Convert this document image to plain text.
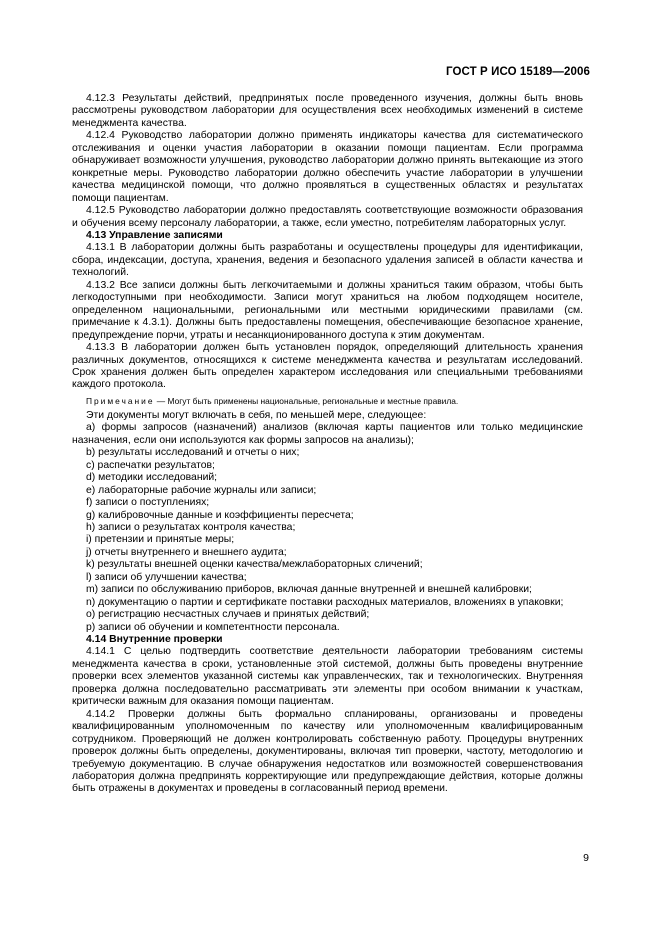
ГОСТ Р ИСО 15189—2006

4.12.3 Результаты действий, предпринятых после проведенного изучения, должны быть вновь рассмотрены руководством лаборатории для осуществления всех необходимых изменений в системе менеджмента качества.

4.12.4 Руководство лаборатории должно применять индикаторы качества для систематического отслеживания и оценки участия лаборатории в оказании помощи пациентам. Если программа обнаруживает возможности улучшения, руководство лаборатории должно принять вытекающие из этого конкретные меры. Руководство лаборатории должно обеспечить участие лаборатории в улучшении качества медицинской помощи, что должно проявляться в существенных областях и результатах помощи пациентам.

4.12.5 Руководство лаборатории должно предоставлять соответствующие возможности образования и обучения всему персоналу лаборатории, а также, если уместно, потребителям лабораторных услуг.

4.13 Управление записями

4.13.1 В лаборатории должны быть разработаны и осуществлены процедуры для идентификации, сбора, индексации, доступа, хранения, ведения и безопасного удаления записей в области качества и технологий.

4.13.2 Все записи должны быть легкочитаемыми и должны храниться таким образом, чтобы быть легкодоступными при необходимости. Записи могут храниться на любом подходящем носителе, определенном национальными, региональными или местными юридическими правилами (см. примечание к 4.3.1). Должны быть предоставлены помещения, обеспечивающие безопасное хранение, предупреждение порчи, утраты и несанкционированного доступа к этим документам.

4.13.3 В лаборатории должен быть установлен порядок, определяющий длительность хранения различных документов, относящихся к системе менеджмента качества и результатам исследований. Срок хранения должен быть определен характером исследования или специальными требованиями каждого протокола.

Примечание — Могут быть применены национальные, региональные и местные правила.

Эти документы могут включать в себя, по меньшей мере, следующее:

a) формы запросов (назначений) анализов (включая карты пациентов или только медицинские назначения, если они используются как формы запросов на анализы);

b) результаты исследований и отчеты о них;

c) распечатки результатов;

d) методики исследований;

e) лабораторные рабочие журналы или записи;

f) записи о поступлениях;

g) калибровочные данные и коэффициенты пересчета;

h) записи о результатах контроля качества;

i) претензии и принятые меры;

j) отчеты внутреннего и внешнего аудита;

k) результаты внешней оценки качества/межлабораторных сличений;

l) записи об улучшении качества;

m) записи по обслуживанию приборов, включая данные внутренней и внешней калибровки;

n) документацию о партии и сертификате поставки расходных материалов, вложениях в упаковки;

o) регистрацию несчастных случаев и принятых действий;

p) записи об обучении и компетентности персонала.

4.14 Внутренние проверки

4.14.1 С целью подтвердить соответствие деятельности лаборатории требованиям системы менеджмента качества в сроки, установленные этой системой, должны быть проведены внутренние проверки всех элементов указанной системы как управленческих, так и технологических. Внутренняя проверка должна последовательно рассматривать эти элементы при особом внимании к участкам, критически важным для оказания помощи пациентам.

4.14.2 Проверки должны быть формально спланированы, организованы и проведены квалифицированным уполномоченным по качеству или уполномоченным квалифицированным сотрудником. Проверяющий не должен контролировать собственную работу. Процедуры внутренних проверок должны быть определены, документированы, включая тип проверки, частоту, методологию и требуемую документацию. В случае обнаружения недостатков или возможностей совершенствования лаборатория должна предпринять корректирующие или предупреждающие действия, которые должны быть отражены в документах и проведены в согласованный период времени.

9
